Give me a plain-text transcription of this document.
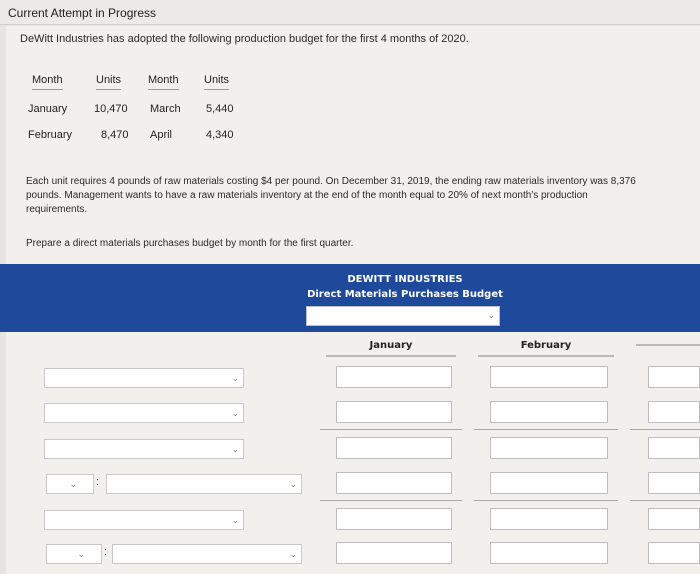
Current Attempt in Progress
DeWitt Industries has adopted the following production budget for the first 4 months of 2020.
Month	Units Month Units
January 10,470 March 5,440
February	8,470 April	4,340
Each unit requires 4 pounds of raw materials costing $4 per pound. On December 31, 2019, the ending raw materials inventory was 8,376 pounds. Management wants to have a raw materials inventory at the end of the month equal to 20% of next month's production requirements.
Prepare a direct materials purchases budget by month for the first quarter.
DEWITT INDUSTRIES
Direct Materials Purchases Budget
⌄
January	February
⌄
⌄
⌄
⌄ :	⌄
⌄
⌄ :	⌄
